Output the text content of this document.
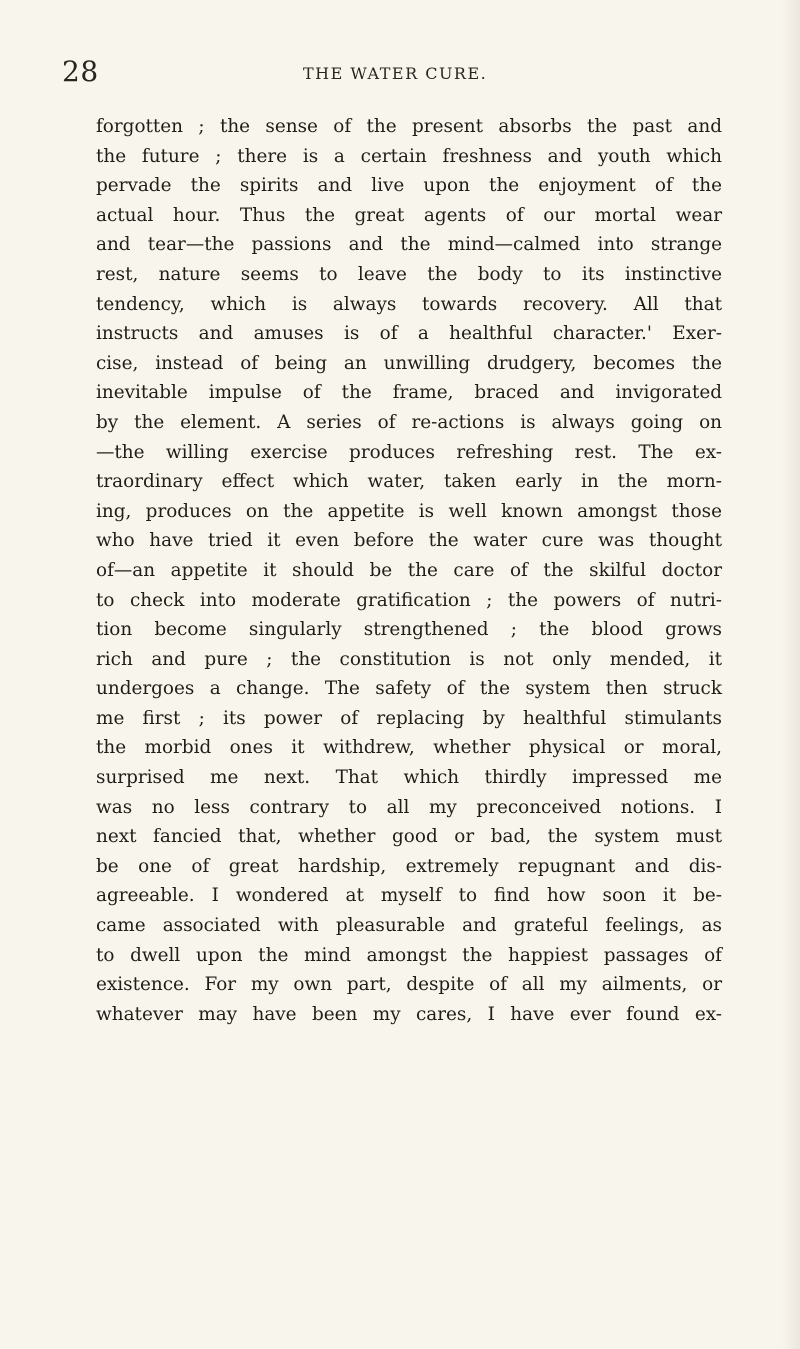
28	THE WATER CURE.
forgotten ; the sense of the present absorbs the past and
the future ; there is a certain freshness and youth which
pervade the spirits and live upon the enjoyment of the
actual hour. Thus the great agents of our mortal wear
and tear—the passions and the mind—calmed into strange
rest, nature seems to leave the body to its instinctive
tendency, which is always towards recovery. All that
instructs and amuses is of a healthful character.' Exer-
cise, instead of being an unwilling drudgery, becomes the
inevitable impulse of the frame, braced and invigorated
by the element. A series of re-actions is always going on
—the willing exercise produces refreshing rest. The ex-
traordinary effect which water, taken early in the morn-
ing, produces on the appetite is well known amongst those
who have tried it even before the water cure was thought
of—an appetite it should be the care of the skilful doctor
to check into moderate gratification ; the powers of nutri-
tion become singularly strengthened ; the blood grows
rich and pure ; the constitution is not only mended, it
undergoes a change. The safety of the system then struck
me first ; its power of replacing by healthful stimulants
the morbid ones it withdrew, whether physical or moral,
surprised me next. That which thirdly impressed me
was no less contrary to all my preconceived notions. I
next fancied that, whether good or bad, the system must
be one of great hardship, extremely repugnant and dis-
agreeable. I wondered at myself to find how soon it be-
came associated with pleasurable and grateful feelings, as
to dwell upon the mind amongst the happiest passages of
existence. For my own part, despite of all my ailments, or
whatever may have been my cares, I have ever found ex-
